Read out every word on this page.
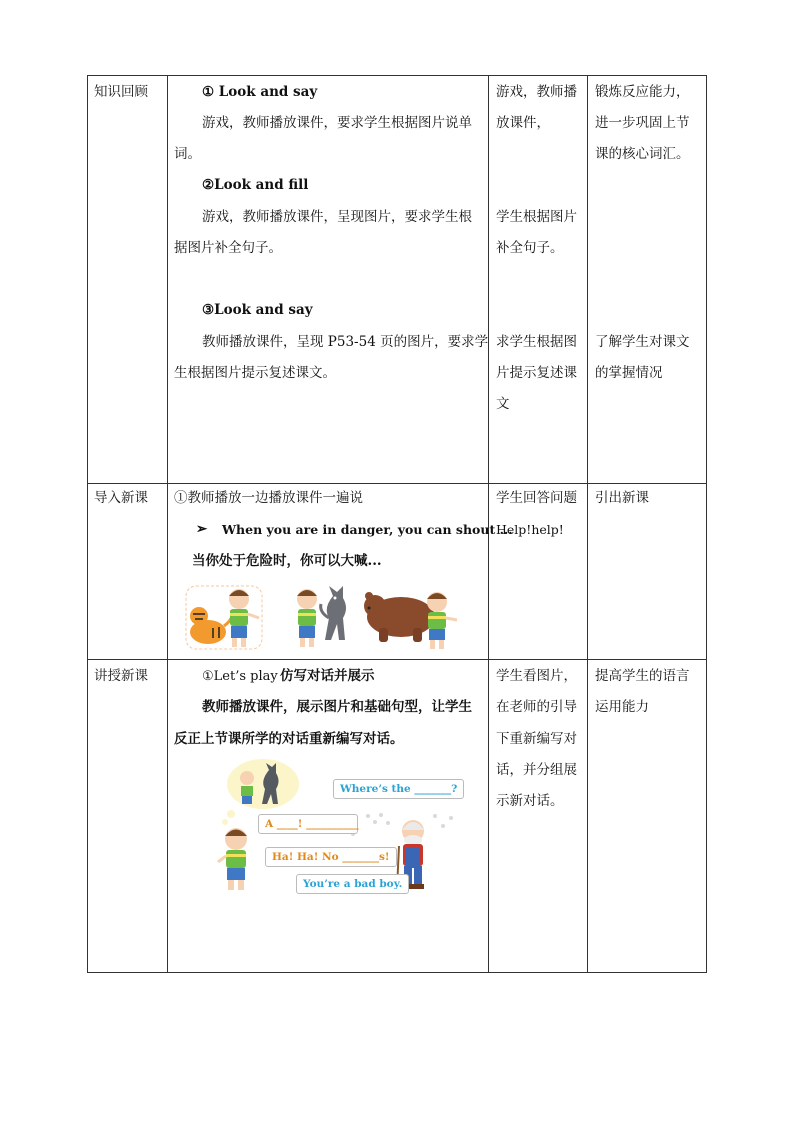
知识回顾	① Look and say
游戏，教师播放课件，要求学生根据图片说单
词。
②Look and fill
游戏，教师播放课件，呈现图片，要求学生根
据图片补全句子。
③Look and say
教师播放课件，呈现 P53-54 页的图片，要求学
生根据图片提示复述课文。
游戏，教师播
放课件，
学生根据图片
补全句子。
求学生根据图
片提示复述课
文
锻炼反应能力，
进一步巩固上节
课的核心词汇。
了解学生对课文
的掌握情况
导入新课 ①教师播放一边播放课件一遍说
➢ When you are in danger, you can shout ...
当你处于危险时，你可以大喊...
学生回答问题
Help!help!
引出新课
讲授新课	①Let’s play 仿写对话并展示
教师播放课件，展示图片和基础句型，让学生
反正上节课所学的对话重新编写对话。
Where’s the _______?
A ____! __________
Ha! Ha! No _______s!
You’re a bad boy.
学生看图片，
在老师的引导
下重新编写对
话，并分组展
示新对话。
提高学生的语言
运用能力
